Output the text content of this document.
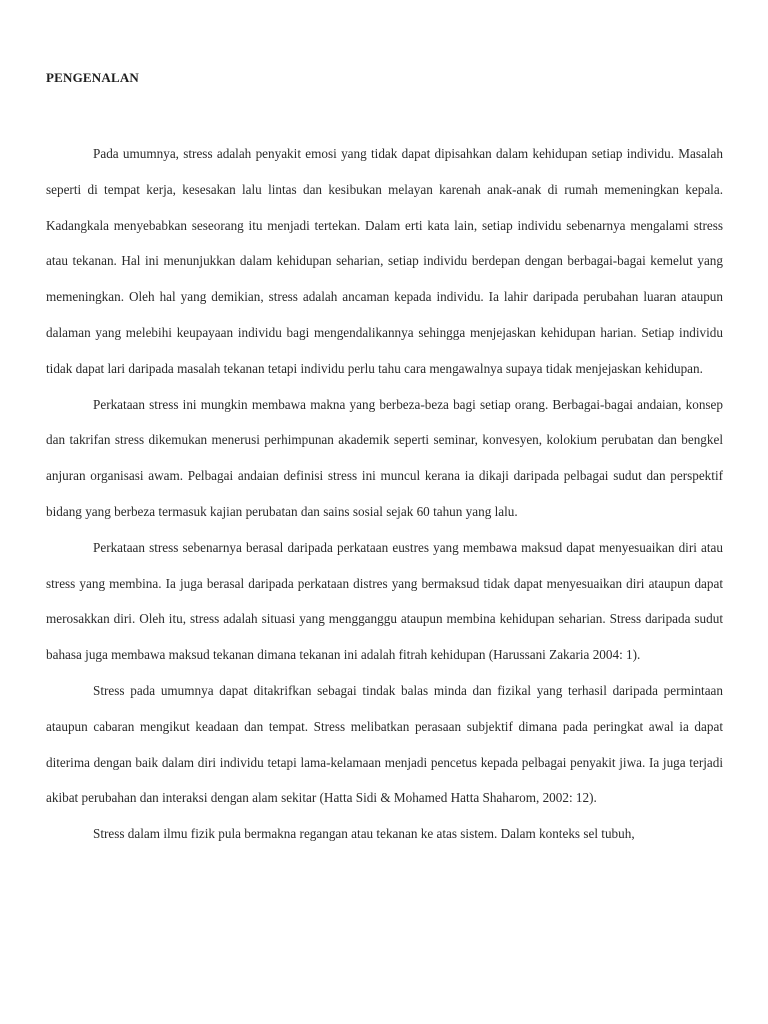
PENGENALAN

Pada umumnya, stress adalah penyakit emosi yang tidak dapat dipisahkan dalam kehidupan setiap individu. Masalah seperti di tempat kerja, kesesakan lalu lintas dan kesibukan melayan karenah anak-anak di rumah memeningkan kepala. Kadangkala menyebabkan seseorang itu menjadi tertekan. Dalam erti kata lain, setiap individu sebenarnya mengalami stress atau tekanan. Hal ini menunjukkan dalam kehidupan seharian, setiap individu berdepan dengan berbagai-bagai kemelut yang memeningkan. Oleh hal yang demikian, stress adalah ancaman kepada individu. Ia lahir daripada perubahan luaran ataupun dalaman yang melebihi keupayaan individu bagi mengendalikannya sehingga menjejaskan kehidupan harian. Setiap individu tidak dapat lari daripada masalah tekanan tetapi individu perlu tahu cara mengawalnya supaya tidak menjejaskan kehidupan.

Perkataan stress ini mungkin membawa makna yang berbeza-beza bagi setiap orang. Berbagai-bagai andaian, konsep dan takrifan stress dikemukan menerusi perhimpunan akademik seperti seminar, konvesyen, kolokium perubatan dan bengkel anjuran organisasi awam. Pelbagai andaian definisi stress ini muncul kerana ia dikaji daripada pelbagai sudut dan perspektif bidang yang berbeza termasuk kajian perubatan dan sains sosial sejak 60 tahun yang lalu.

Perkataan stress sebenarnya berasal daripada perkataan eustres yang membawa maksud dapat menyesuaikan diri atau stress yang membina. Ia juga berasal daripada perkataan distres yang bermaksud tidak dapat menyesuaikan diri ataupun dapat merosakkan diri. Oleh itu, stress adalah situasi yang mengganggu ataupun membina kehidupan seharian. Stress daripada sudut bahasa juga membawa maksud tekanan dimana tekanan ini adalah fitrah kehidupan (Harussani Zakaria 2004: 1).

Stress pada umumnya dapat ditakrifkan sebagai tindak balas minda dan fizikal yang terhasil daripada permintaan ataupun cabaran mengikut keadaan dan tempat. Stress melibatkan perasaan subjektif dimana pada peringkat awal ia dapat diterima dengan baik dalam diri individu tetapi lama-kelamaan menjadi pencetus kepada pelbagai penyakit jiwa. Ia juga terjadi akibat perubahan dan interaksi dengan alam sekitar (Hatta Sidi & Mohamed Hatta Shaharom, 2002: 12).

Stress dalam ilmu fizik pula bermakna regangan atau tekanan ke atas sistem. Dalam konteks sel tubuh,
